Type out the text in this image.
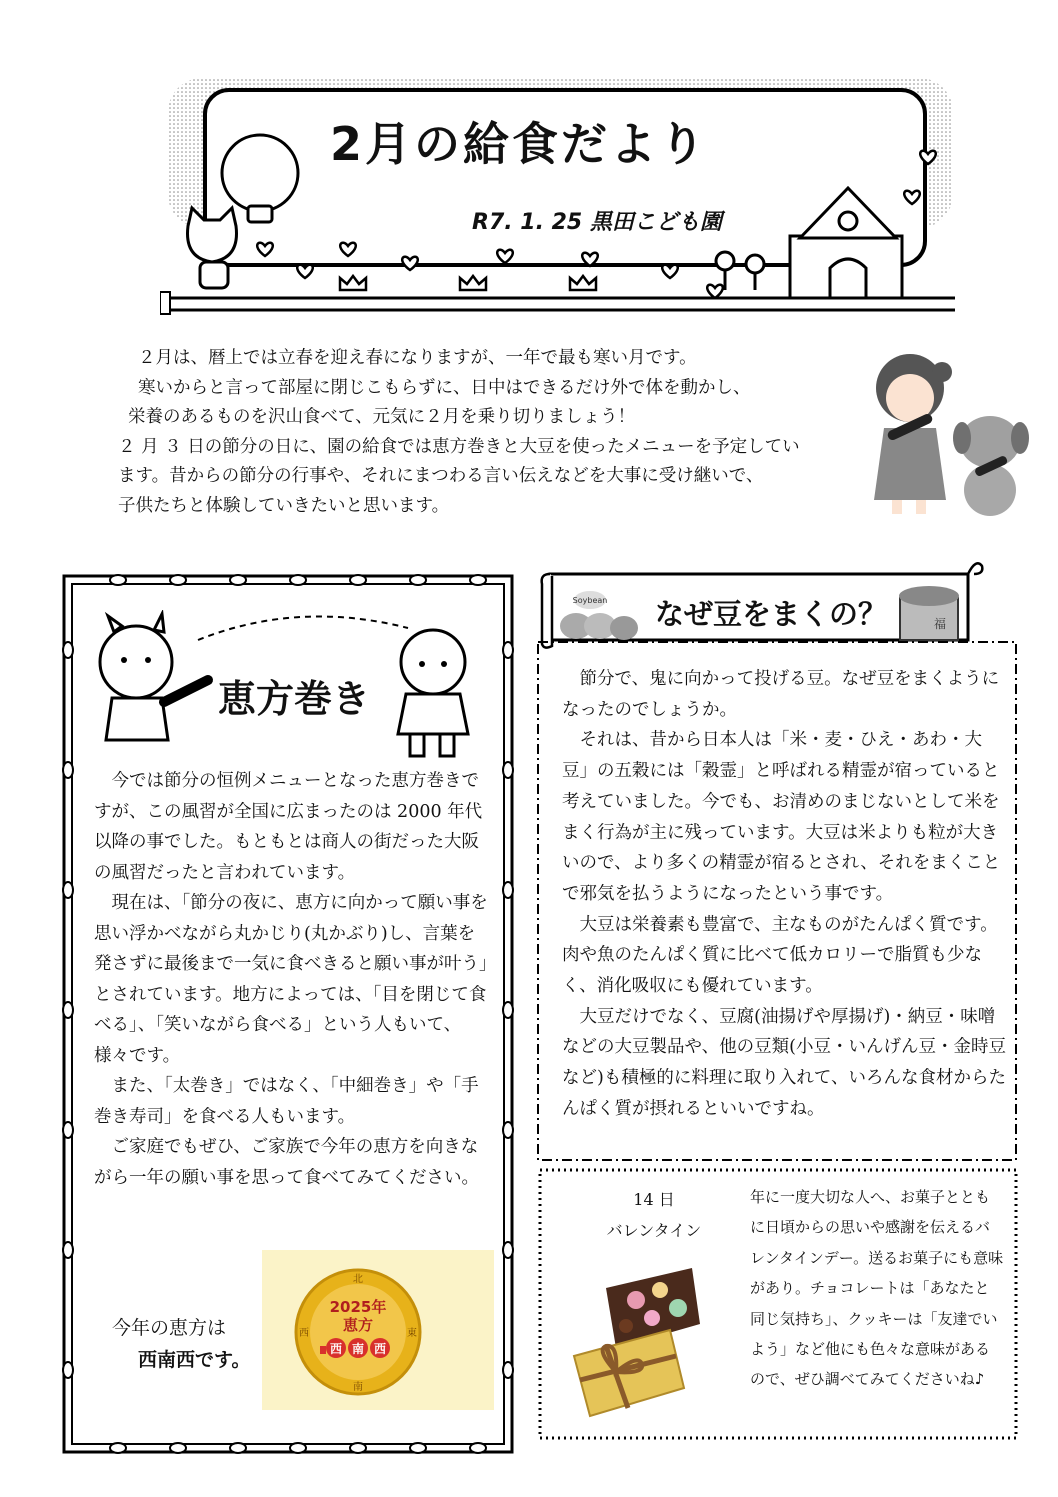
2月の給食だより
R7. 1. 25 黒田こども園
２月は、暦上では立春を迎え春になりますが、一年で最も寒い月です。
寒いからと言って部屋に閉じこもらずに、日中はできるだけ外で体を動かし、
栄養のあるものを沢山食べて、元気に２月を乗り切りましょう！
２ 月 ３ 日の節分の日に、園の給食では恵方巻きと大豆を使ったメニューを予定してい
ます。昔からの節分の行事や、それにまつわる言い伝えなどを大事に受け継いで、
子供たちと体験していきたいと思います。
恵方巻き

今では節分の恒例メニューとなった恵方巻きですが、この風習が全国に広まったのは 2000 年代以降の事でした。もともとは商人の街だった大阪の風習だったと言われています。

現在は、「節分の夜に、恵方に向かって願い事を思い浮かべながら丸かじり(丸かぶり)し、言葉を発さずに最後まで一気に食べきると願い事が叶う」とされています。地方によっては、「目を閉じて食べる」、「笑いながら食べる」という人もいて、様々です。

また、「太巻き」ではなく、「中細巻き」や「手巻き寿司」を食べる人もいます。

ご家庭でもぜひ、ご家族で今年の恵方を向きながら一年の願い事を思って食べてみてください。

今年の恵方は
西南西です。
北
南
西	東
2025年
恵方
西 南 西
Soybean
福
なぜ豆をまくの？

節分で、鬼に向かって投げる豆。なぜ豆をまくようになったのでしょうか。

それは、昔から日本人は「米・麦・ひえ・あわ・大豆」の五穀には「穀霊」と呼ばれる精霊が宿っていると考えていました。今でも、お清めのまじないとして米をまく行為が主に残っています。大豆は米よりも粒が大きいので、より多くの精霊が宿るとされ、それをまくことで邪気を払うようになったという事です。

大豆は栄養素も豊富で、主なものがたんぱく質です。肉や魚のたんぱく質に比べて低カロリーで脂質も少なく、消化吸収にも優れています。

大豆だけでなく、豆腐(油揚げや厚揚げ)・納豆・味噌などの大豆製品や、他の豆類(小豆・いんげん豆・金時豆など)も積極的に料理に取り入れて、いろんな食材からたんぱく質が摂れるといいですね。

14 日
バレンタイン
年に一度大切な人へ、お菓子とともに日頃からの思いや感謝を伝えるバレンタインデー。送るお菓子にも意味があり。チョコレートは「あなたと同じ気持ち」、クッキーは「友達でいよう」など他にも色々な意味があるので、ぜひ調べてみてくださいね♪
